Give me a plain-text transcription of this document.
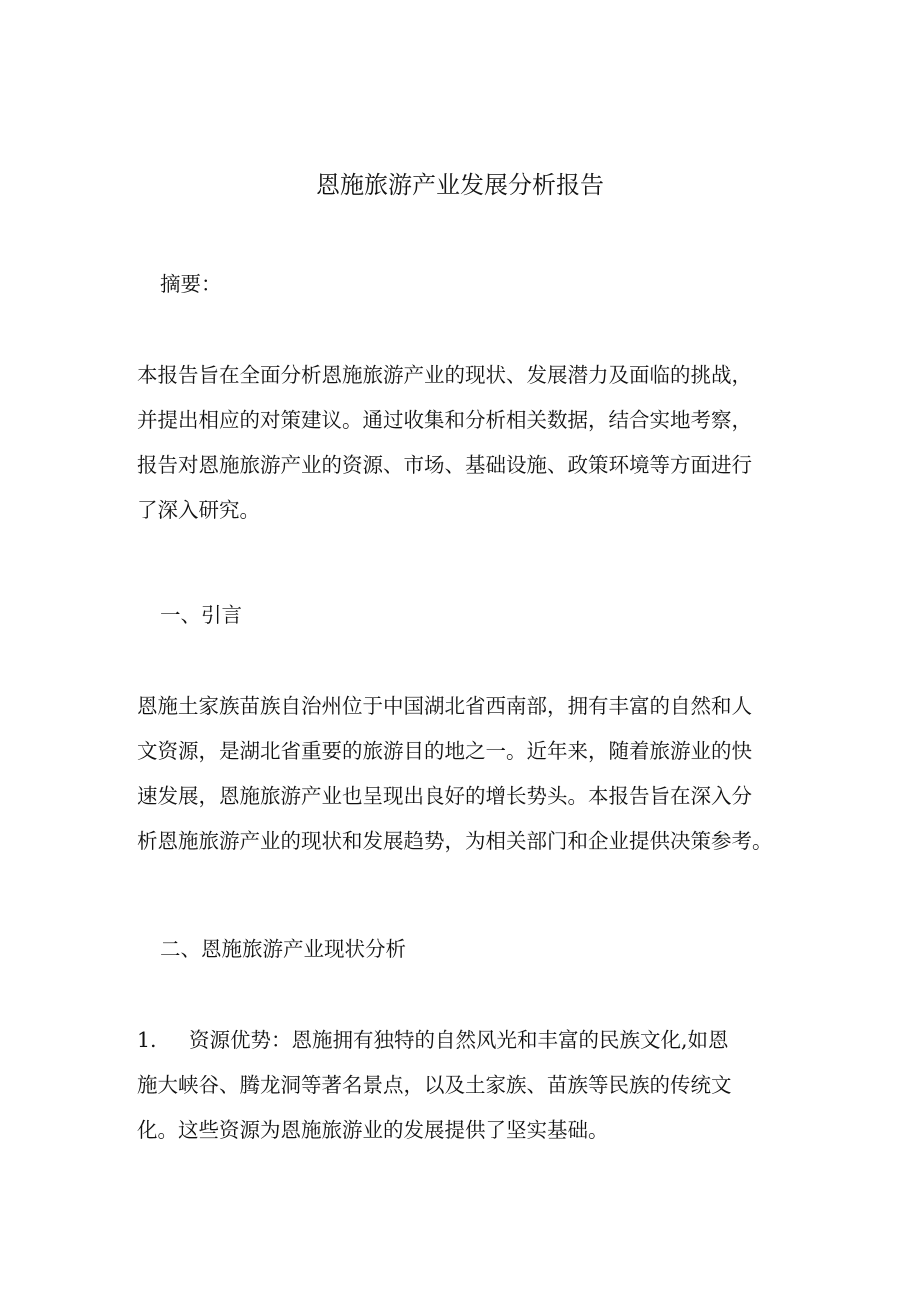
恩施旅游产业发展分析报告

摘要：

本报告旨在全面分析恩施旅游产业的现状、发展潜力及面临的挑战，
并提出相应的对策建议。通过收集和分析相关数据，结合实地考察，
报告对恩施旅游产业的资源、市场、基础设施、政策环境等方面进行
了深入研究。

一、引言

恩施土家族苗族自治州位于中国湖北省西南部，拥有丰富的自然和人
文资源，是湖北省重要的旅游目的地之一。近年来，随着旅游业的快
速发展，恩施旅游产业也呈现出良好的增长势头。本报告旨在深入分
析恩施旅游产业的现状和发展趋势，为相关部门和企业提供决策参考。

二、恩施旅游产业现状分析

1. 资源优势：恩施拥有独特的自然风光和丰富的民族文化,如恩
施大峡谷、腾龙洞等著名景点，以及土家族、苗族等民族的传统文
化。这些资源为恩施旅游业的发展提供了坚实基础。
